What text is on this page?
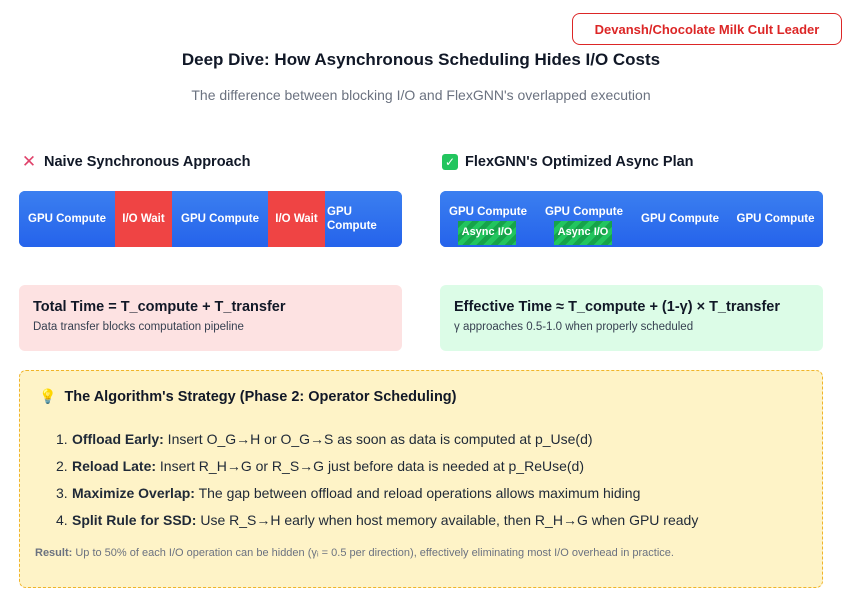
Devansh/Chocolate Milk Cult Leader
Deep Dive: How Asynchronous Scheduling Hides I/O Costs
The difference between blocking I/O and FlexGNN's overlapped execution
✕ Naive Synchronous Approach
GPU Compute	I/O Wait	GPU Compute	I/O Wait
GPU Compute
Total Time = T_compute + T_transfer
Data transfer blocks computation pipeline
✓ FlexGNN's Optimized Async Plan
GPU Compute
Async I/O
GPU Compute
Async I/O
GPU Compute	GPU Compute
Effective Time ≈ T_compute + (1-γ) × T_transfer
γ approaches 0.5-1.0 when properly scheduled
💡 The Algorithm's Strategy (Phase 2: Operator Scheduling)
1. Offload Early: Insert O_G→H or O_G→S as soon as data is computed at p_Use(d)
2. Reload Late: Insert R_H→G or R_S→G just before data is needed at p_ReUse(d)
3. Maximize Overlap: The gap between offload and reload operations allows maximum hiding
4. Split Rule for SSD: Use R_S→H early when host memory available, then R_H→G when GPU ready
Result: Up to 50% of each I/O operation can be hidden (γᵢ = 0.5 per direction), effectively eliminating most I/O overhead in practice.
